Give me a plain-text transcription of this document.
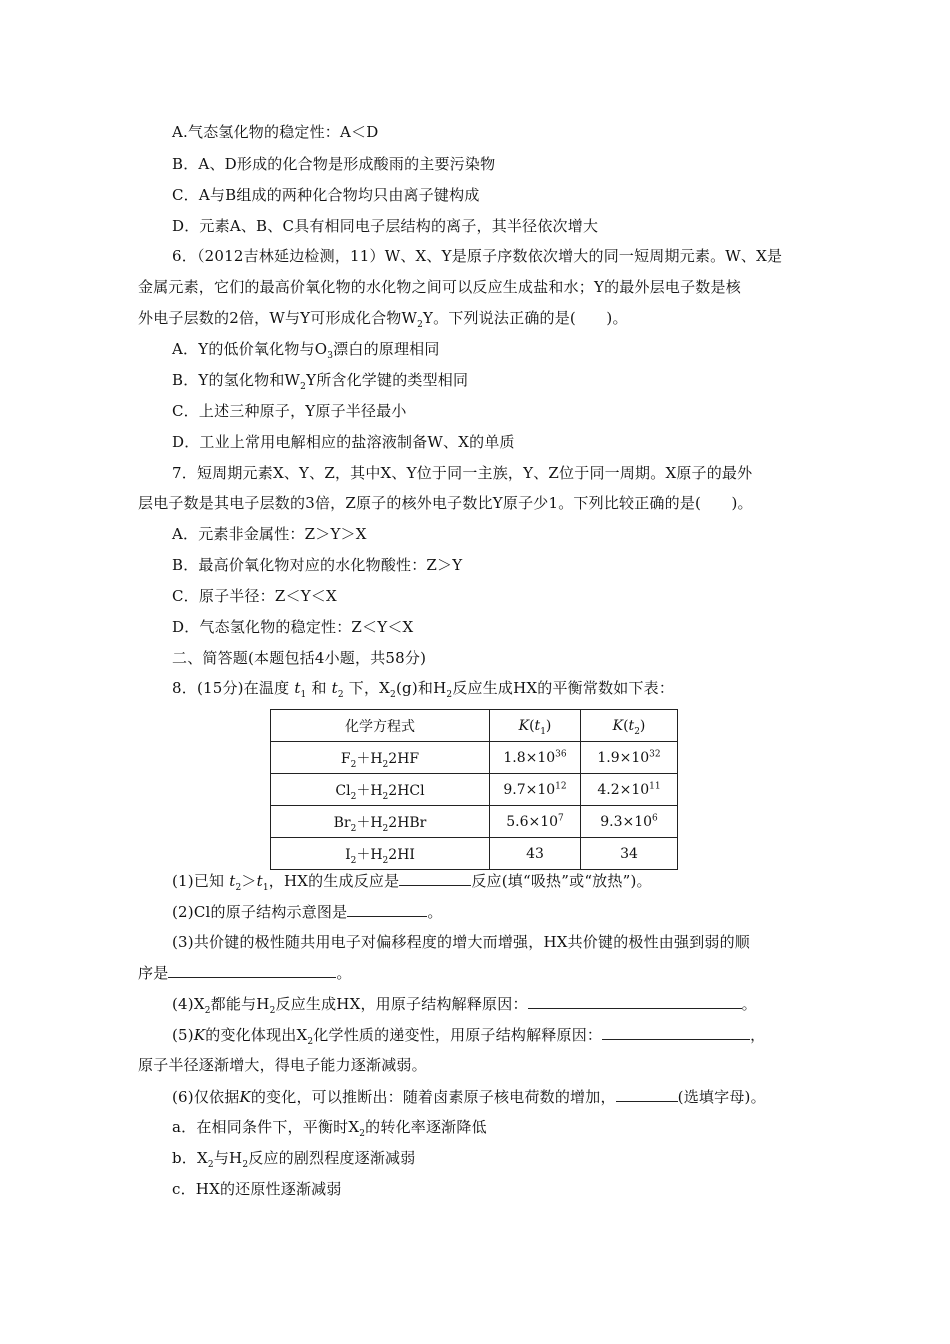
A.气态氢化物的稳定性：A＜D
B．A、D形成的化合物是形成酸雨的主要污染物
C．A与B组成的两种化合物均只由离子键构成
D．元素A、B、C具有相同电子层结构的离子，其半径依次增大
6．（2012吉林延边检测，11）W、X、Y是原子序数依次增大的同一短周期元素。W、X是
金属元素，它们的最高价氧化物的水化物之间可以反应生成盐和水；Y的最外层电子数是核
外电子层数的2倍，W与Y可形成化合物$W_2Y$。下列说法正确的是(　　)。
A．Y的低价氧化物与$O_3$漂白的原理相同
B．Y的氢化物和$W_2Y$所含化学键的类型相同
C．上述三种原子，Y原子半径最小
D．工业上常用电解相应的盐溶液制备W、X的单质
7．短周期元素X、Y、Z，其中X、Y位于同一主族，Y、Z位于同一周期。X原子的最外
层电子数是其电子层数的3倍，Z原子的核外电子数比Y原子少1。下列比较正确的是(　　)。
A．元素非金属性：Z＞Y＞X
B．最高价氧化物对应的水化物酸性：Z＞Y
C．原子半径：Z＜Y＜X
D．气态氢化物的稳定性：Z＜Y＜X
二、简答题(本题包括4小题，共58分)
8．(15分)在温度 $t_1$ 和 $t_2$ 下，$X_2(g)$和$H_2$反应生成HX的平衡常数如下表：
化学方程式	$K(t_1)$	$K(t_2)$
$F_2+H_22HF$	$1.8\times 10^{36}$	$1.9\times 10^{32}$
$Cl_2+H_22HCl$	$9.7\times 10^{12}$	$4.2\times 10^{11}$
$Br_2+H_22HBr$	$5.6\times 10^7$	$9.3\times 10^6$
$I_2+H_22HI$	43	34
(1)已知 $t_2>t_1$，HX的生成反应是	反应(填“吸热”或“放热”)。
(2)Cl的原子结构示意图是	。
(3)共价键的极性随共用电子对偏移程度的增大而增强，HX共价键的极性由强到弱的顺
序是	。
$(4)X_2$都能与$H_2$反应生成HX，用原子结构解释原因：	。
(5)K的变化体现出$X_2$化学性质的递变性，用原子结构解释原因：	，
原子半径逐渐增大，得电子能力逐渐减弱。
(6)仅依据K的变化，可以推断出：随着卤素原子核电荷数的增加，	(选填字母)。
a．在相同条件下，平衡时$X_2$的转化率逐渐降低
b．$X_2$与$H_2$反应的剧烈程度逐渐减弱
c．HX的还原性逐渐减弱
